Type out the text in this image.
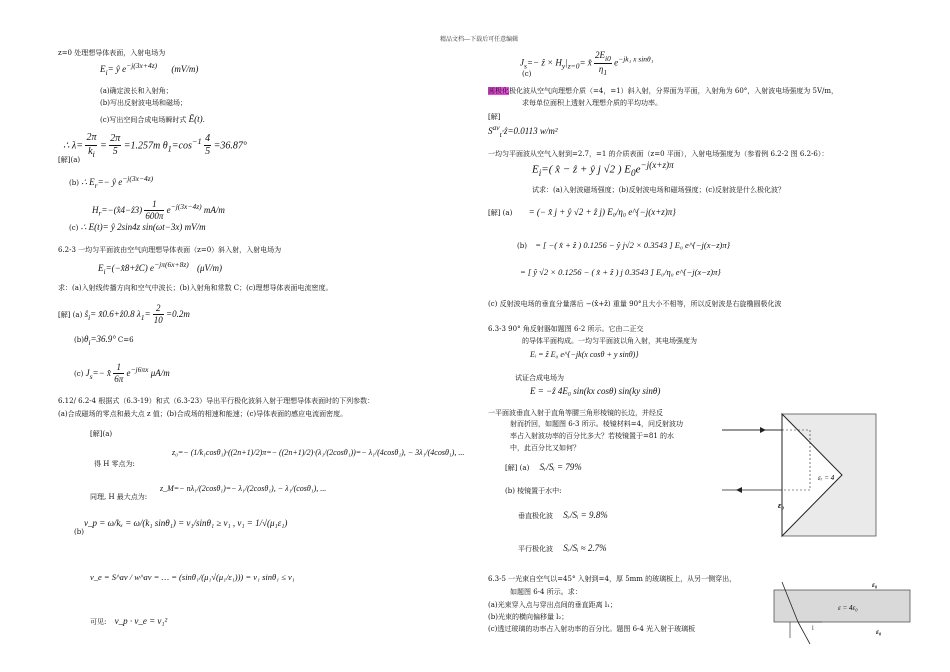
精品文档---下载后可任意编辑
z=0 处理想导体表面，入射电场为
$E_i=$ ŷ $e^{-j(3x+4z)}$ (mV/m)
(a)确定波长和入射角；
(b)写出反射波电场和磁场；
(c)写出空间合成电场瞬时式 Ē(t).
∴ $\lambda= \frac{2\pi}{k_i} = \frac{2\pi}{5} =1.257m$ $\theta_1=\cos^{-1} \frac{4}{5} =36.87^\circ$
[解](a)
(b) ∴ $E_r=-$ ŷ $e^{-j(3x-4z)}$
$H_r=-(x̂4-ẑ3) \frac{1}{600\pi} e^{-j(3x-4z)}$ mA/m
(c) ∴ E(t)= ŷ 2sin4z sin(ωt−3x) mV/m
6.2-3 一均匀平面波由空气向理想导体表面（z=0）斜入射，入射电场为
$E_i=(-x̂8+ẑC)$ $e^{-j\pi(6x+8z)}$ (μV/m)
求：(a)入射线传播方向和空气中波长；(b)入射角和常数 C；(c)理想导体表面电流密度。
[解] (a) $ŝ_i=$ x̂0.6+ẑ0.8 $\lambda_1= \frac{2}{10} =0.2m$
$(b)\theta_i=36.9^\circ$ C=6
(c) $J_s=-$ x̂ $\frac{1}{6\pi} e^{-j6\pi x}$ μA/m
6.12/ 6.2-4 根据式（6.3-19）和式（6.3-23）导出平行极化波斜入射于理想导体表面时的下列参数：
(a)合成磁场的零点和最大点 z 值；(b)合成场的相速和能速；(c)导体表面的感应电流面密度。
[解](a)
得 H 零点为:
z₀=− (1/k₁cosθ₁)·((2n+1)/2)π=− ((2n+1)/2)·(λ₁/(2cosθ₁))=− λ₁/(4cosθ₁), − 3λ₁/(4cosθ₁), ...
同理, H 最大点为:
z_M=− nλ₁/(2cosθ₁)=− λ₁/(2cosθ₁), − λ₁/(cosθ₁), ...
(b)
v_p = ω/kₓ = ω/(k₁ sinθ₁) = v₁/sinθ₁ ≥ v₁ , v₁ = 1/√(μ₁ε₁)
v_e = S^av / w^av = … = (sinθ₁/(μ₁√(μ₁/ε₁))) = v₁ sinθ₁ ≤ v₁
可见: v_p · v_e = v₁²
$J_s=-$ ẑ × $H_y|_{z=0}=$ x̂ $\frac{2E_{i0}}{\eta_1} e^{-jk_1 x sin\theta_1}$
(c)
圆极化极化波从空气向理想介质（=4，=1）斜入射，分界面为平面，入射角为 60°，入射波电场强度为 5V/m，
求每单位面积上透射入理想介质的平均功率。
[解]
$S^{av}_t\cdot ẑ=0.0113$ w/m²
一均匀平面波从空气入射到=2.7，=1 的介质表面（z=0 平面），入射电场强度为（参看例 6.2-2 图 6.2-6）：
$E_i=$( x̂ − ẑ + ŷ j √2 ) $E_0e^{-j(x+z)\pi}$
试求：(a)入射波磁场强度；(b)反射波电场和磁场强度；(c)反射波是什么极化波？
[解] (a) = (− x̂ j + ŷ √2 + ẑ j) E₀/η₀ e^{−j(x+z)π}
(b) = [ −( x̂ + ẑ ) 0.1256 − ŷ j√2 × 0.3543 ] E₀ e^{−j(x−z)π}
= [ ŷ √2 × 0.1256 − ( x̂ + ẑ ) j 0.3543 ] E₀/η₀ e^{−j(x−z)π}
(c) 反射波电场的垂直分量落后 −(x̂+ẑ) 重量 90°且大小不相等，所以反射波是右旋椭圆极化波
6.3-3 90° 角反射器如题图 6-2 所示。它由二正交
的导体平面构成。一均匀平面波以角入射，其电场强度为
Eᵢ = ẑ E₀ e^{−jk(x cosθ + y sinθ)}
试证合成电场为
E = −ẑ 4E₀ sin(kx cosθ) sin(ky sinθ)
一平面波垂直入射于直角等腰三角形棱镜的长边，并经反
射而折回，如题图 6-3 所示。棱镜材料=4，问反射波功
率占入射波功率的百分比多大？若棱镜置于=81 的水
中，此百分比又如何？
[解] (a) Sᵣ/Sᵢ = 79%
(b) 棱镜置于水中:
垂直极化波 Sᵣ/Sᵢ = 9.8%
平行极化波 Sᵣ/Sᵢ ≈ 2.7%
6.3-5 一光束自空气以=45° 入射到=4，厚 5mm 的玻璃板上，从另一侧穿出，
如题图 6-4 所示。求：
(a)光束穿入点与穿出点间的垂直距离 l₁；
(b)光束的横向偏移量 l₂；
(c)透过玻璃的功率占入射功率的百分比。题图 6-4 光入射于玻璃板
εᵣ = 4
ε₀
ε = 4ε₀
ε₀
ε₀
l
